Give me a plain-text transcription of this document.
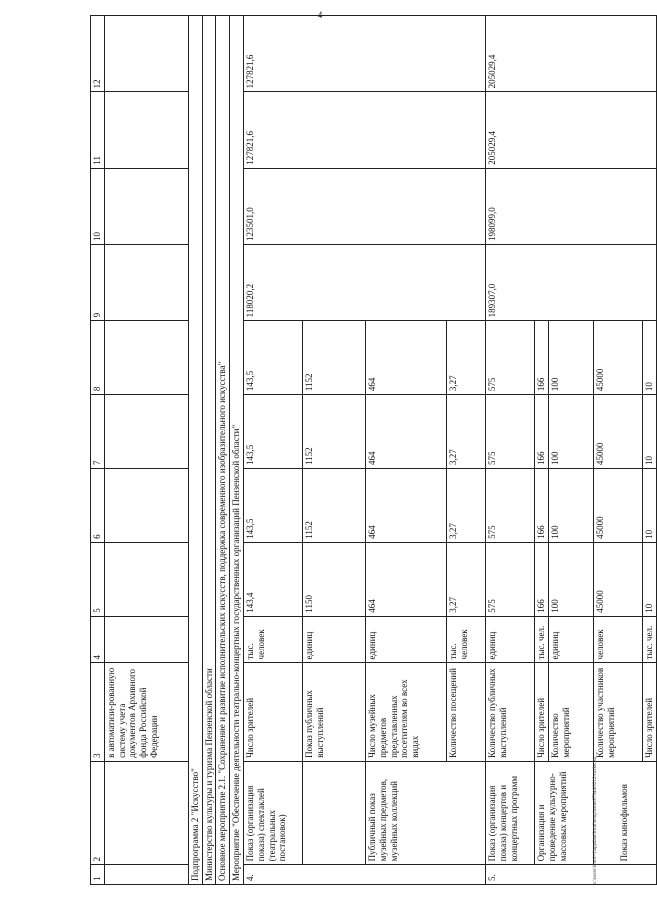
4
1	2	3	4	5	6	7	8	9	10	11	12
		в автоматизи-рованную систему учета документов Архивного фонда Российской Федерации									
Подпрограмма 2 "Искусство"											
Министерство культуры и туризма Пензенской области											
Основное мероприятие 2.1. "Сохранение и развитие исполнительских искусств, поддержка современного изобразительного искусства"											
Мероприятие "Обеспечение деятельности театрально-концертных государственных организаций Пензенской области"											
4.	Показ (организация показа) спектаклей (театральных постановок)	Число зрителей	тыс. человек	143,4	143,5	143,5	143,5	118020,2	123501,0	127821,6	127821,6
		Показ публичных выступлений	единиц	1150	1152	1152	1152				
	Публичный показ музейных предметов, музейных коллекций	Число музейных предметов представленных посетителям во всех видах	единиц	464	464	464	464				
		Количество посещений	тыс. человек	3,27	3,27	3,27	3,27				
5.	Показ (организация показа) концертов и концертных программ	Количество публичных выступлений	единиц	575	575	575	575	189307,0	198099,0	205029,4	205029,4
	Организация и проведение культурно-массовых мероприятий	Число зрителей	тыс. чел.	166	166	166	166				
		Количество мероприятий	единиц	100	100	100	100				
	Показ кинофильмов	Количество участников мероприятий	человек	45000	45000	45000	45000				
		Число зрителей	тыс. чел.	10	10	10	10				
c:\users\borol~1\appdata\local\temp\asnet87944\0212-m.doc.sa
